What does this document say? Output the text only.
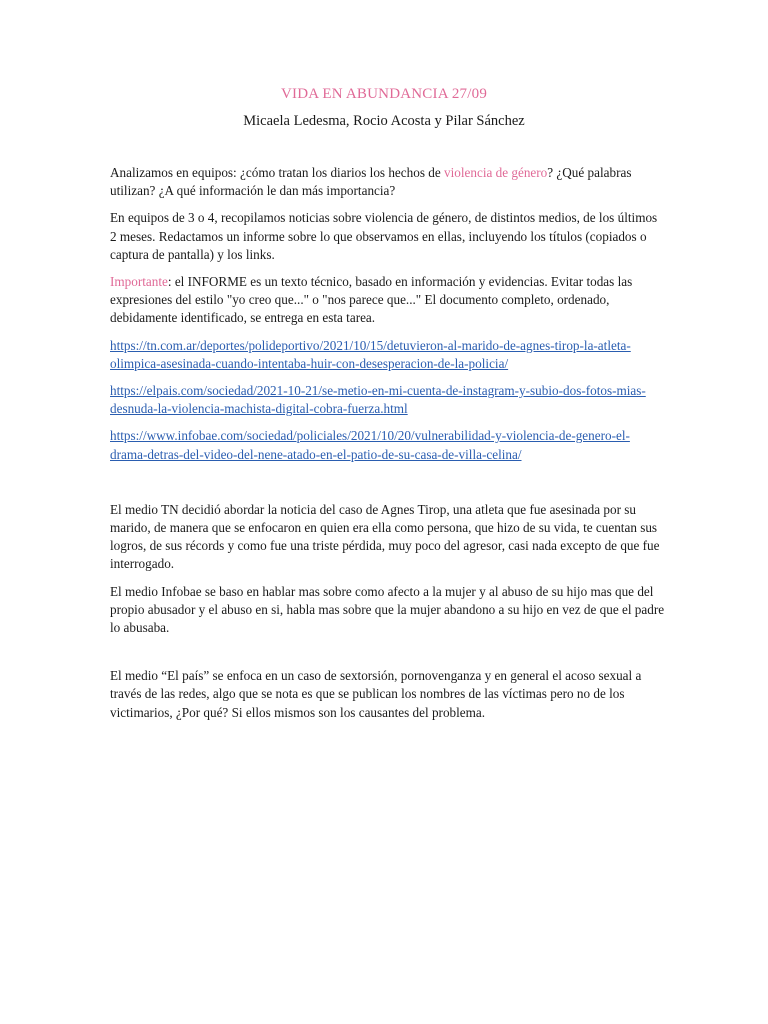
VIDA EN ABUNDANCIA 27/09
Micaela Ledesma, Rocio Acosta y Pilar Sánchez

Analizamos en equipos: ¿cómo tratan los diarios los hechos de violencia de género? ¿Qué palabras utilizan? ¿A qué información le dan más importancia?

En equipos de 3 o 4, recopilamos noticias sobre violencia de género, de distintos medios, de los últimos 2 meses. Redactamos un informe sobre lo que observamos en ellas, incluyendo los títulos (copiados o captura de pantalla) y los links.

Importante: el INFORME es un texto técnico, basado en información y evidencias. Evitar todas las expresiones del estilo "yo creo que..." o "nos parece que..." El documento completo, ordenado, debidamente identificado, se entrega en esta tarea.

https://tn.com.ar/deportes/polideportivo/2021/10/15/detuvieron-al-marido-de-agnes-tirop-la-atleta-olimpica-asesinada-cuando-intentaba-huir-con-desesperacion-de-la-policia/

https://elpais.com/sociedad/2021-10-21/se-metio-en-mi-cuenta-de-instagram-y-subio-dos-fotos-mias-desnuda-la-violencia-machista-digital-cobra-fuerza.html

https://www.infobae.com/sociedad/policiales/2021/10/20/vulnerabilidad-y-violencia-de-genero-el-drama-detras-del-video-del-nene-atado-en-el-patio-de-su-casa-de-villa-celina/

El medio TN decidió abordar la noticia del caso de Agnes Tirop, una atleta que fue asesinada por su marido, de manera que se enfocaron en quien era ella como persona, que hizo de su vida, te cuentan sus logros, de sus récords y como fue una triste pérdida, muy poco del agresor, casi nada excepto de que fue interrogado.

El medio Infobae se baso en hablar mas sobre como afecto a la mujer y al abuso de su hijo mas que del propio abusador y el abuso en si, habla mas sobre que la mujer abandono a su hijo en vez de que el padre lo abusaba.

El medio “El país” se enfoca en un caso de sextorsión, pornovenganza y en general el acoso sexual a través de las redes, algo que se nota es que se publican los nombres de las víctimas pero no de los victimarios, ¿Por qué? Si ellos mismos son los causantes del problema.
